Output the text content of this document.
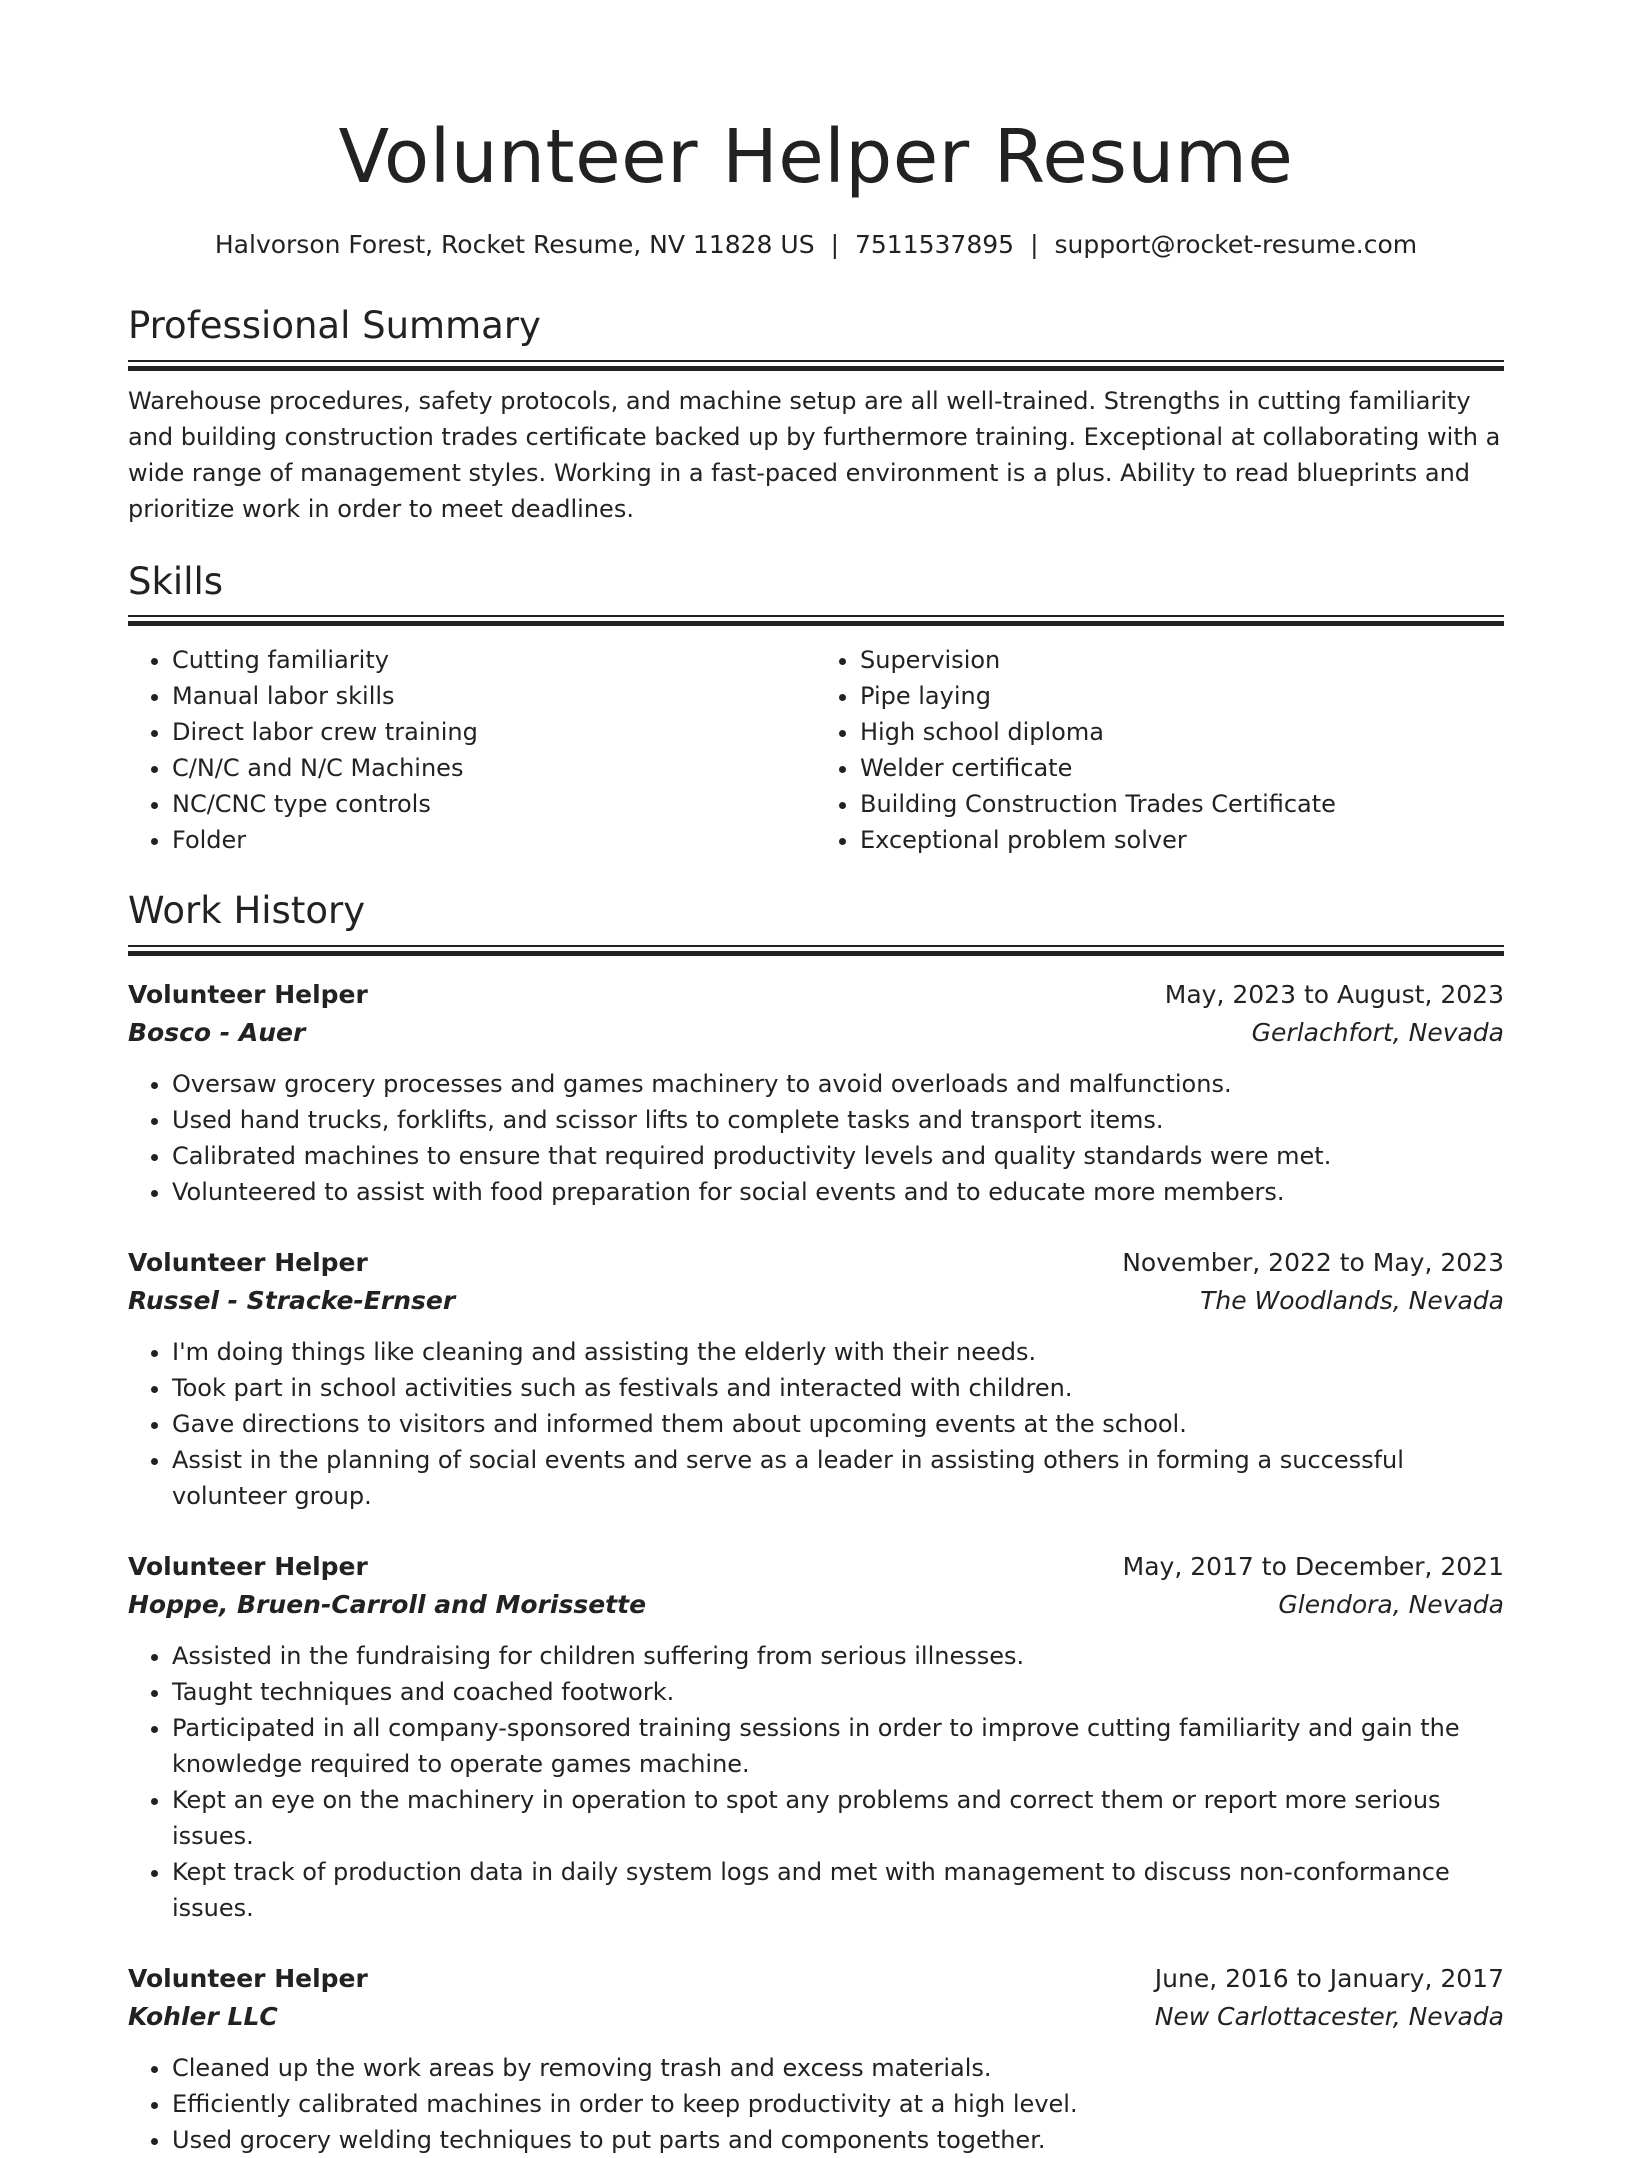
Volunteer Helper Resume
Halvorson Forest, Rocket Resume, NV 11828 US | 7511537895 | support@rocket-resume.com
Professional Summary

Warehouse procedures, safety protocols, and machine setup are all well-trained. Strengths in cutting familiarity and building construction trades certificate backed up by furthermore training. Exceptional at collaborating with a wide range of management styles. Working in a fast-paced environment is a plus. Ability to read blueprints and prioritize work in order to meet deadlines.

Skills
• Cutting familiarity
• Manual labor skills
• Direct labor crew training
• C/N/C and N/C Machines
• NC/CNC type controls
• Folder
• Supervision
• Pipe laying
• High school diploma
• Welder certificate
• Building Construction Trades Certificate
• Exceptional problem solver
Work History
Volunteer Helper	May, 2023 to August, 2023
Bosco - Auer	Gerlachfort, Nevada
• Oversaw grocery processes and games machinery to avoid overloads and malfunctions.
• Used hand trucks, forklifts, and scissor lifts to complete tasks and transport items.
• Calibrated machines to ensure that required productivity levels and quality standards were met.
• Volunteered to assist with food preparation for social events and to educate more members.
Volunteer Helper	November, 2022 to May, 2023
Russel - Stracke-Ernser	The Woodlands, Nevada
• I'm doing things like cleaning and assisting the elderly with their needs.
• Took part in school activities such as festivals and interacted with children.
• Gave directions to visitors and informed them about upcoming events at the school.
• Assist in the planning of social events and serve as a leader in assisting others in forming a successful volunteer group.
Volunteer Helper	May, 2017 to December, 2021
Hoppe, Bruen-Carroll and Morissette	Glendora, Nevada
• Assisted in the fundraising for children suffering from serious illnesses.
• Taught techniques and coached footwork.
• Participated in all company-sponsored training sessions in order to improve cutting familiarity and gain the knowledge required to operate games machine.
• Kept an eye on the machinery in operation to spot any problems and correct them or report more serious issues.
• Kept track of production data in daily system logs and met with management to discuss non-conformance issues.
Volunteer Helper	June, 2016 to January, 2017
Kohler LLC	New Carlottacester, Nevada
• Cleaned up the work areas by removing trash and excess materials.
• Efficiently calibrated machines in order to keep productivity at a high level.
• Used grocery welding techniques to put parts and components together.
